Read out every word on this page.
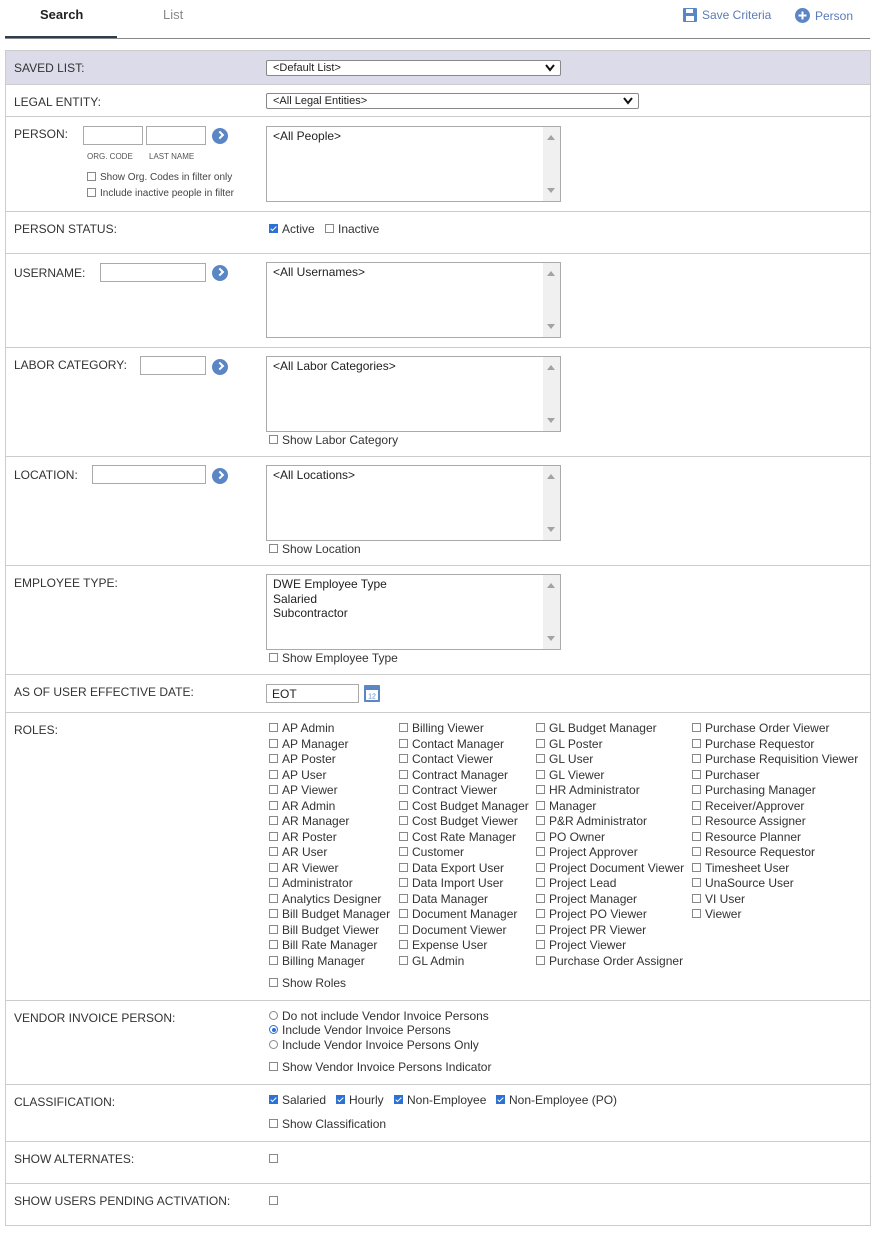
Search	List	Save Criteria	Person
SAVED LIST:	<Default List>
LEGAL ENTITY:	<All Legal Entities>
PERSON:
ORG. CODE LAST NAME
Show Org. Codes in filter only
Include inactive people in filter
<All People>
PERSON STATUS:	Active	Inactive
USERNAME:	<All Usernames>
LABOR CATEGORY:	<All Labor Categories>
Show Labor Category
LOCATION:	<All Locations>
Show Location
EMPLOYEE TYPE:	DWE Employee Type
Salaried
Subcontractor
Show Employee Type
AS OF USER EFFECTIVE DATE:
EOT	12
ROLES:	AP Admin
AP Manager
AP Poster
AP User
AP Viewer
AR Admin
AR Manager
AR Poster
AR User
AR Viewer
Administrator
Analytics Designer
Bill Budget Manager
Bill Budget Viewer
Bill Rate Manager
Billing Manager
Billing Viewer
Contact Manager
Contact Viewer
Contract Manager
Contract Viewer
Cost Budget Manager
Cost Budget Viewer
Cost Rate Manager
Customer
Data Export User
Data Import User
Data Manager
Document Manager
Document Viewer
Expense User
GL Admin
GL Budget Manager
GL Poster
GL User
GL Viewer
HR Administrator
Manager
P&R Administrator
PO Owner
Project Approver
Project Document Viewer
Project Lead
Project Manager
Project PO Viewer
Project PR Viewer
Project Viewer
Purchase Order Assigner
Purchase Order Viewer
Purchase Requestor
Purchase Requisition Viewer
Purchaser
Purchasing Manager
Receiver/Approver
Resource Assigner
Resource Planner
Resource Requestor
Timesheet User
UnaSource User
VI User
Viewer
Show Roles
VENDOR INVOICE PERSON:	Do not include Vendor Invoice Persons
Include Vendor Invoice Persons
Include Vendor Invoice Persons Only
Show Vendor Invoice Persons Indicator
CLASSIFICATION:	Salaried	Hourly	Non-Employee	Non-Employee (PO)
Show Classification
SHOW ALTERNATES:
SHOW USERS PENDING ACTIVATION:
